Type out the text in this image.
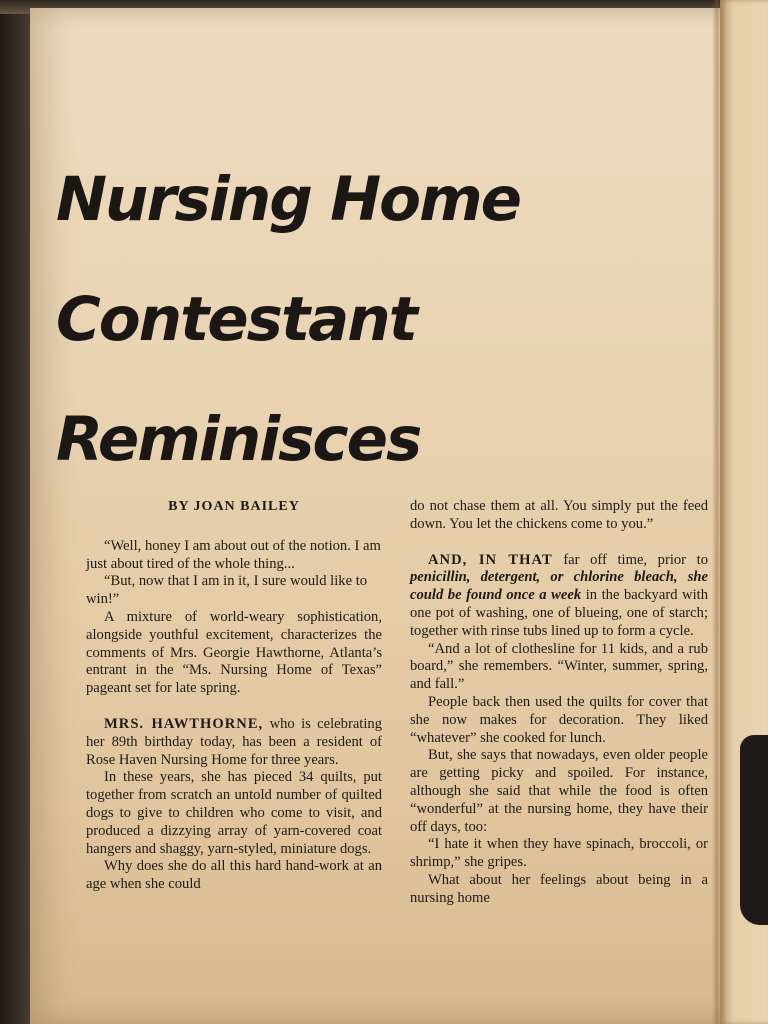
Nursing Home
Contestant
Reminisces

BY JOAN BAILEY

“Well, honey I am about out of the notion. I am just about tired of the whole thing...

“But, now that I am in it, I sure would like to win!”

A mixture of world-weary sophistication, alongside youthful excitement, characterizes the comments of Mrs. Georgie Hawthorne, Atlanta’s entrant in the “Ms. Nursing Home of Texas” pageant set for late spring.

MRS. HAWTHORNE, who is celebrating her 89th birthday today, has been a resident of Rose Haven Nursing Home for three years.

In these years, she has pieced 34 quilts, put together from scratch an untold number of quilted dogs to give to children who come to visit, and produced a dizzying array of yarn-covered coat hangers and shaggy, yarn-styled, miniature dogs.

Why does she do all this hard hand-work at an age when she could

do not chase them at all. You simply put the feed down. You let the chickens come to you.”

AND, IN THAT far off time, prior to penicillin, detergent, or chlorine bleach, she could be found once a week in the backyard with one pot of washing, one of blueing, one of starch; together with rinse tubs lined up to form a cycle.

“And a lot of clothesline for 11 kids, and a rub board,” she remembers. “Winter, summer, spring, and fall.”

People back then used the quilts for cover that she now makes for decoration. They liked “whatever” she cooked for lunch.

But, she says that nowadays, even older people are getting picky and spoiled. For instance, although she said that while the food is often “wonderful” at the nursing home, they have their off days, too:

“I hate it when they have spinach, broccoli, or shrimp,” she gripes.

What about her feelings about being in a nursing home
